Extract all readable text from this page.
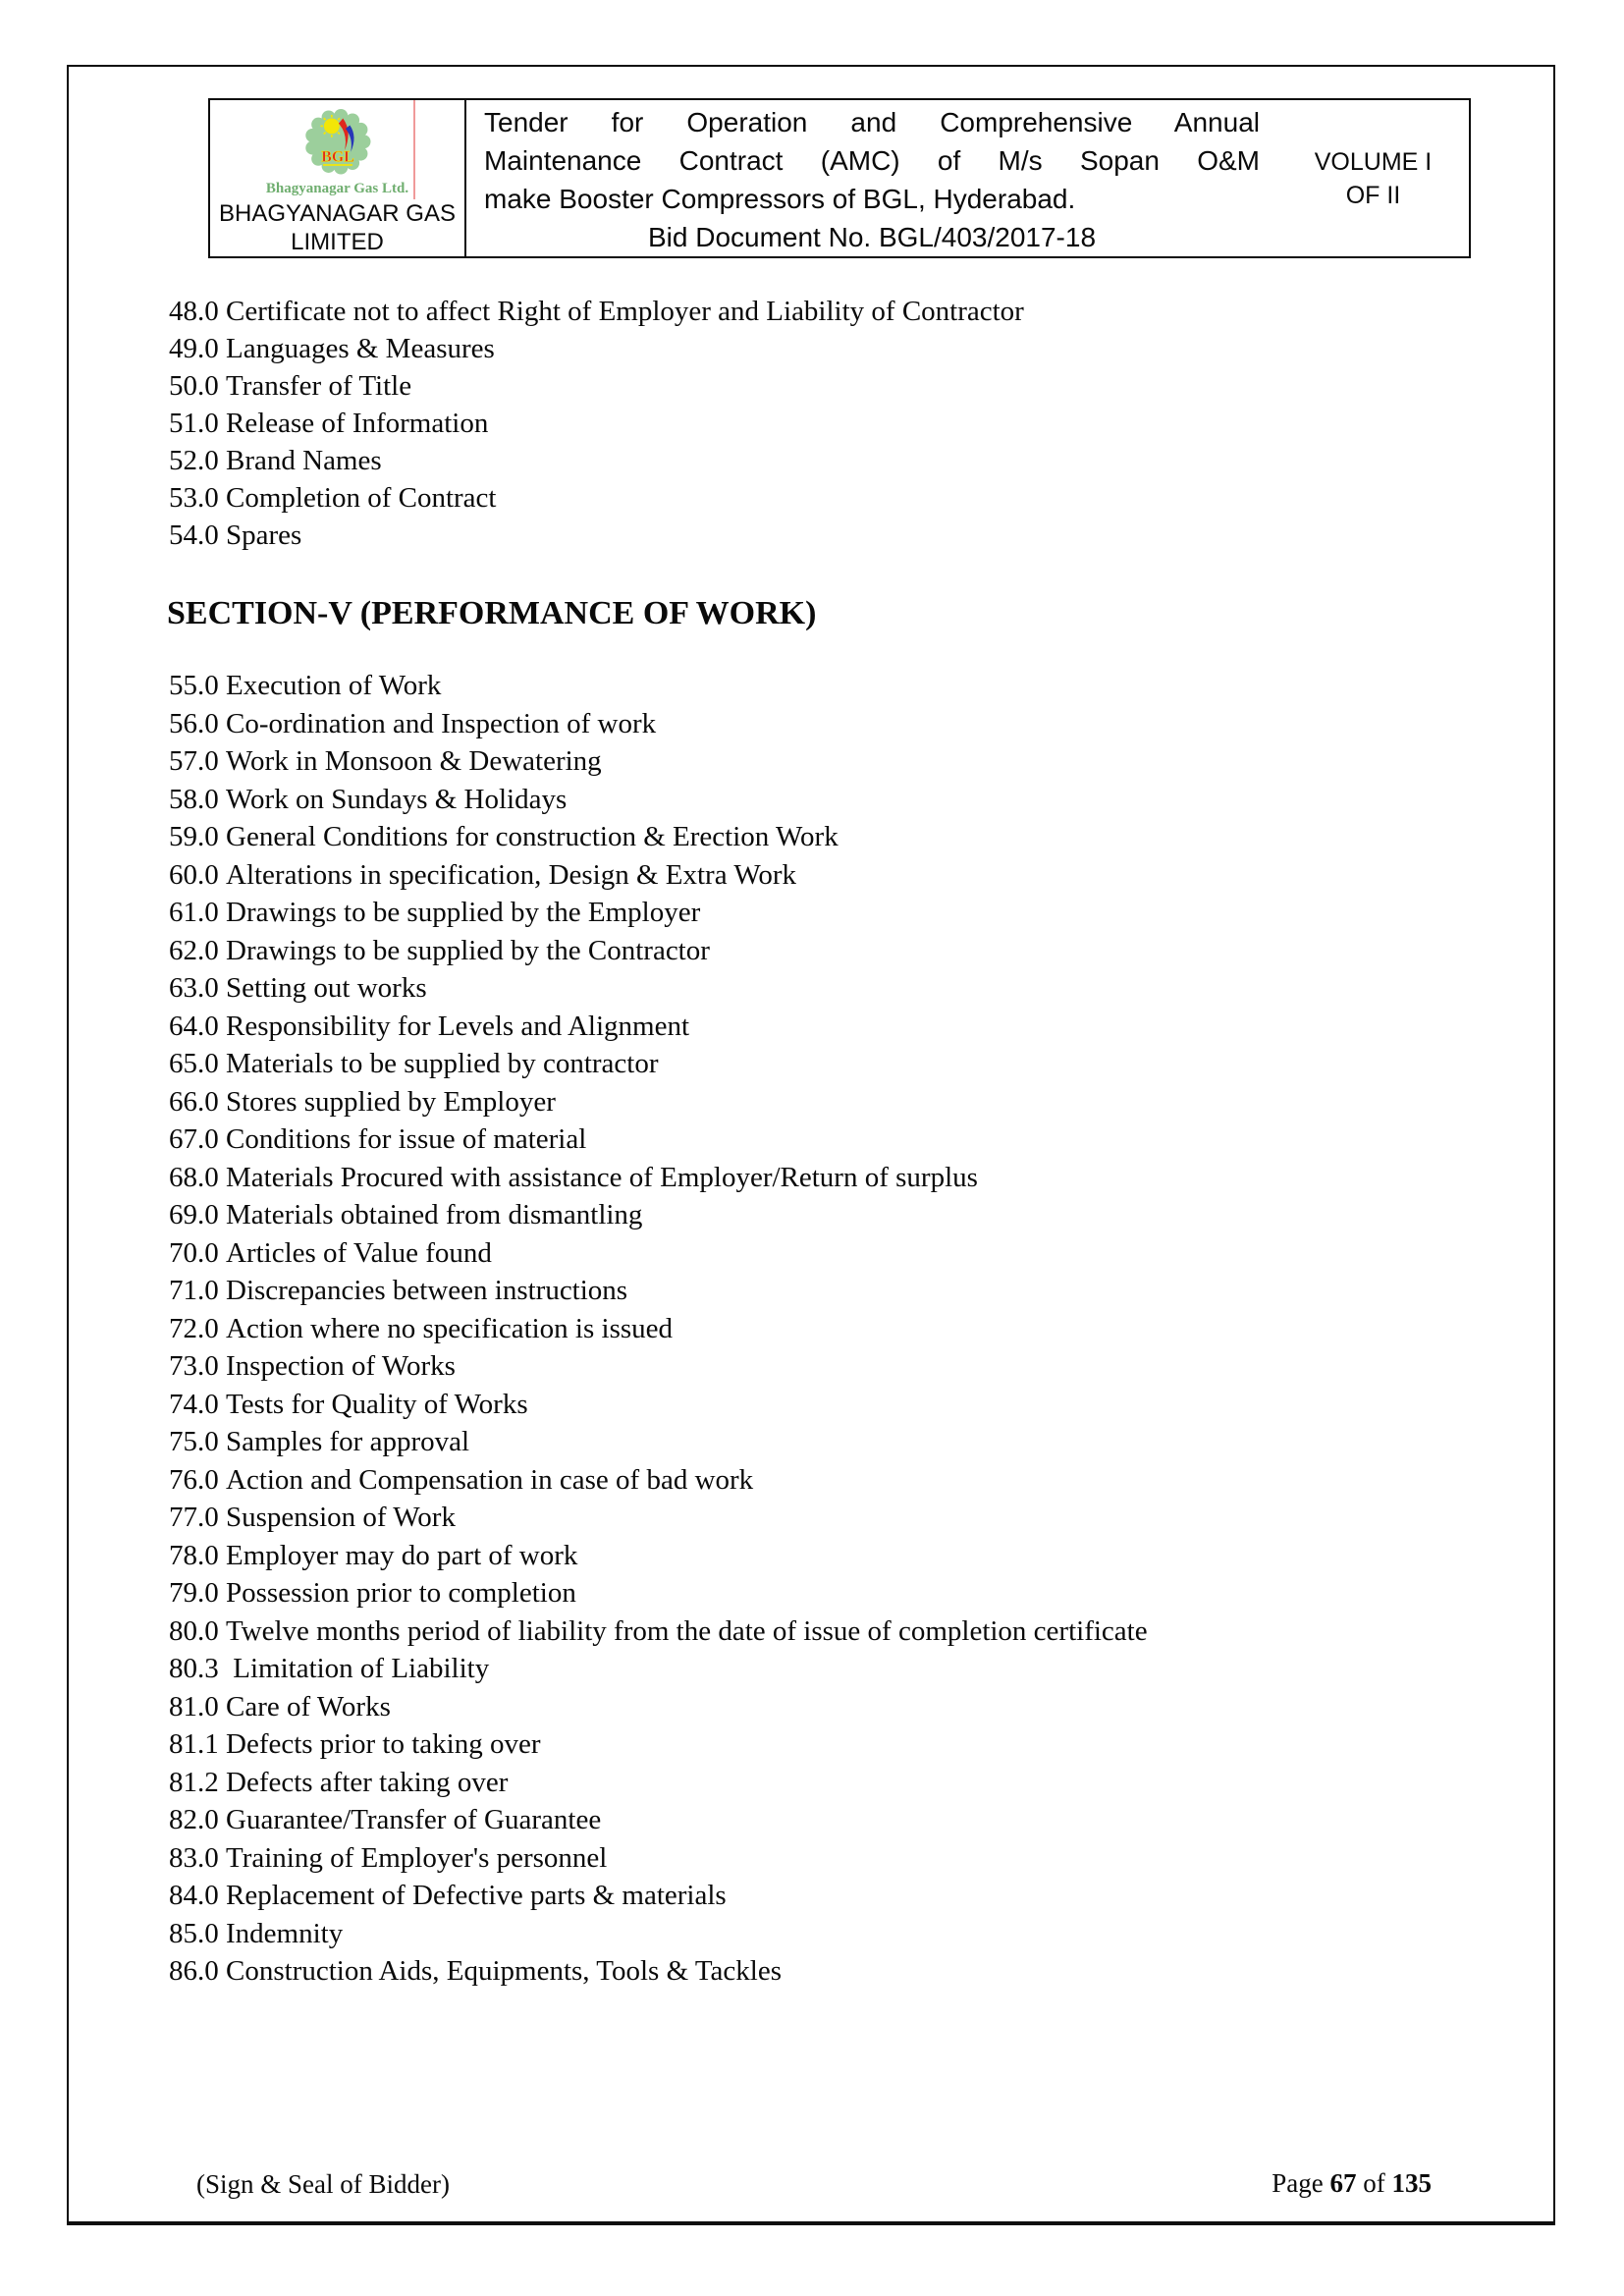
BGL
Bhagyanagar Gas Ltd.
BHAGYANAGAR GAS
LIMITED
Tender for Operation and Comprehensive Annual
Maintenance Contract (AMC) of M/s Sopan O&M
make Booster Compressors of BGL, Hyderabad.
Bid Document No. BGL/403/2017-18
VOLUME I
OF II
48.0 Certificate not to affect Right of Employer and Liability of Contractor
49.0 Languages & Measures
50.0 Transfer of Title
51.0 Release of Information
52.0 Brand Names
53.0 Completion of Contract
54.0 Spares
SECTION-V (PERFORMANCE OF WORK)
55.0 Execution of Work
56.0 Co-ordination and Inspection of work
57.0 Work in Monsoon & Dewatering
58.0 Work on Sundays & Holidays
59.0 General Conditions for construction & Erection Work
60.0 Alterations in specification, Design & Extra Work
61.0 Drawings to be supplied by the Employer
62.0 Drawings to be supplied by the Contractor
63.0 Setting out works
64.0 Responsibility for Levels and Alignment
65.0 Materials to be supplied by contractor
66.0 Stores supplied by Employer
67.0 Conditions for issue of material
68.0 Materials Procured with assistance of Employer/Return of surplus
69.0 Materials obtained from dismantling
70.0 Articles of Value found
71.0 Discrepancies between instructions
72.0 Action where no specification is issued
73.0 Inspection of Works
74.0 Tests for Quality of Works
75.0 Samples for approval
76.0 Action and Compensation in case of bad work
77.0 Suspension of Work
78.0 Employer may do part of work
79.0 Possession prior to completion
80.0 Twelve months period of liability from the date of issue of completion certificate
80.3 Limitation of Liability
81.0 Care of Works
81.1 Defects prior to taking over
81.2 Defects after taking over
82.0 Guarantee/Transfer of Guarantee
83.0 Training of Employer's personnel
84.0 Replacement of Defective parts & materials
85.0 Indemnity
86.0 Construction Aids, Equipments, Tools & Tackles
(Sign & Seal of Bidder)	Page 67 of 135
